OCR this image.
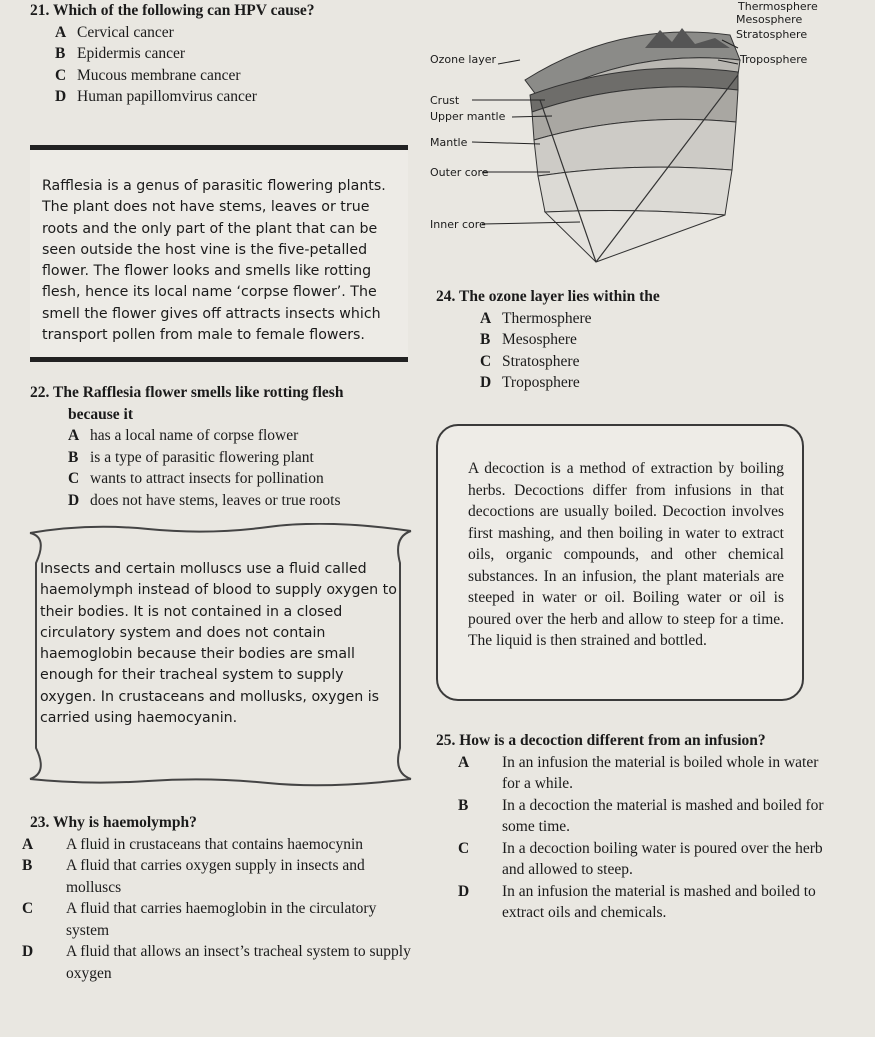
21. Which of the following can HPV cause?
A Cervical cancer
B Epidermis cancer
C Mucous membrane cancer
D Human papillomvirus cancer
Thermosphere
Mesosphere
Stratosphere
Troposphere
Ozone layer
Crust
Upper mantle
Mantle
Outer core
Inner core

Rafflesia is a genus of parasitic flowering plants. The plant does not have stems, leaves or true roots and the only part of the plant that can be seen outside the host vine is the five-petalled flower. The flower looks and smells like rotting flesh, hence its local name ‘corpse flower’. The smell the flower gives off attracts insects which transport pollen from male to female flowers.

24. The ozone layer lies within the
A Thermosphere
B Mesosphere
C Stratosphere
D Troposphere
22. The Rafflesia flower smells like rotting flesh
because it
A has a local name of corpse flower
B is a type of parasitic flowering plant
C wants to attract insects for pollination
D does not have stems, leaves or true roots

A decoction is a method of extraction by boiling herbs. Decoctions differ from infusions in that decoctions are usually boiled. Decoction involves first mashing, and then boiling in water to extract oils, organic compounds, and other chemical substances. In an infusion, the plant materials are steeped in water or oil. Boiling water or oil is poured over the herb and allow to steep for a time. The liquid is then strained and bottled.

Insects and certain molluscs use a fluid called haemolymph instead of blood to supply oxygen to their bodies. It is not contained in a closed circulatory system and does not contain haemoglobin because their bodies are small enough for their tracheal system to supply oxygen. In crustaceans and mollusks, oxygen is carried using haemocyanin.

25. How is a decoction different from an infusion?
A In an infusion the material is boiled whole in water for a while.
B In a decoction the material is mashed and boiled for some time.
C In a decoction boiling water is poured over the herb and allowed to steep.
D In an infusion the material is mashed and boiled to extract oils and chemicals.
23. Why is haemolymph?
A A fluid in crustaceans that contains haemocynin
B A fluid that carries oxygen supply in insects and molluscs
C A fluid that carries haemoglobin in the circulatory system
D A fluid that allows an insect’s tracheal system to supply oxygen
